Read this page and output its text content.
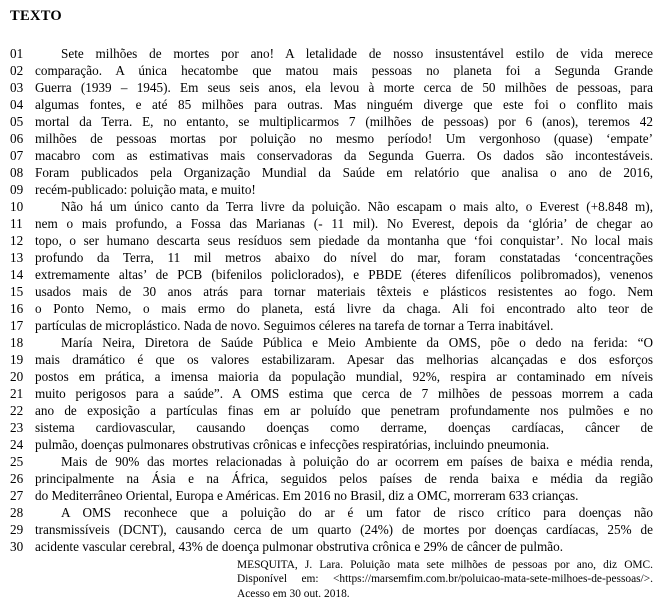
TEXTO
01	Sete milhões de mortes por ano! A letalidade de nosso insustentável estilo de vida merece
02 comparação. A única hecatombe que matou mais pessoas no planeta foi a Segunda Grande
03 Guerra (1939 – 1945). Em seus seis anos, ela levou à morte cerca de 50 milhões de pessoas, para
04 algumas fontes, e até 85 milhões para outras. Mas ninguém diverge que este foi o conflito mais
05 mortal da Terra. E, no entanto, se multiplicarmos 7 (milhões de pessoas) por 6 (anos), teremos 42
06 milhões de pessoas mortas por poluição no mesmo período! Um vergonhoso (quase) ‘empate’
07 macabro com as estimativas mais conservadoras da Segunda Guerra. Os dados são incontestáveis.
08 Foram publicados pela Organização Mundial da Saúde em relatório que analisa o ano de 2016,
09 recém-publicado: poluição mata, e muito!
10	Não há um único canto da Terra livre da poluição. Não escapam o mais alto, o Everest (+8.848 m),
11 nem o mais profundo, a Fossa das Marianas (- 11 mil). No Everest, depois da ‘glória’ de chegar ao
12 topo, o ser humano descarta seus resíduos sem piedade da montanha que ‘foi conquistar’. No local mais
13 profundo da Terra, 11 mil metros abaixo do nível do mar, foram constatadas ‘concentrações
14 extremamente altas’ de PCB (bifenilos policlorados), e PBDE (éteres difenílicos polibromados), venenos
15 usados mais de 30 anos atrás para tornar materiais têxteis e plásticos resistentes ao fogo. Nem
16 o Ponto Nemo, o mais ermo do planeta, está livre da chaga. Ali foi encontrado alto teor de
17 partículas de microplástico. Nada de novo. Seguimos céleres na tarefa de tornar a Terra inabitável.
18	María Neira, Diretora de Saúde Pública e Meio Ambiente da OMS, põe o dedo na ferida: “O
19 mais dramático é que os valores estabilizaram. Apesar das melhorias alcançadas e dos esforços
20 postos em prática, a imensa maioria da população mundial, 92%, respira ar contaminado em níveis
21 muito perigosos para a saúde”. A OMS estima que cerca de 7 milhões de pessoas morrem a cada
22 ano de exposição a partículas finas em ar poluído que penetram profundamente nos pulmões e no
23 sistema cardiovascular, causando doenças como derrame, doenças cardíacas, câncer de
24 pulmão, doenças pulmonares obstrutivas crônicas e infecções respiratórias, incluindo pneumonia.
25	Mais de 90% das mortes relacionadas à poluição do ar ocorrem em países de baixa e média renda,
26 principalmente na Ásia e na África, seguidos pelos países de renda baixa e média da região
27 do Mediterrâneo Oriental, Europa e Américas. Em 2016 no Brasil, diz a OMC, morreram 633 crianças.
28	A OMS reconhece que a poluição do ar é um fator de risco crítico para doenças não
29 transmissíveis (DCNT), causando cerca de um quarto (24%) de mortes por doenças cardíacas, 25% de
30 acidente vascular cerebral, 43% de doença pulmonar obstrutiva crônica e 29% de câncer de pulmão.
MESQUITA, J. Lara. Poluição mata sete milhões de pessoas por ano, diz OMC.
Disponível em: <https://marsemfim.com.br/poluicao-mata-sete-milhoes-de-pessoas/>.
Acesso em 30 out. 2018.
